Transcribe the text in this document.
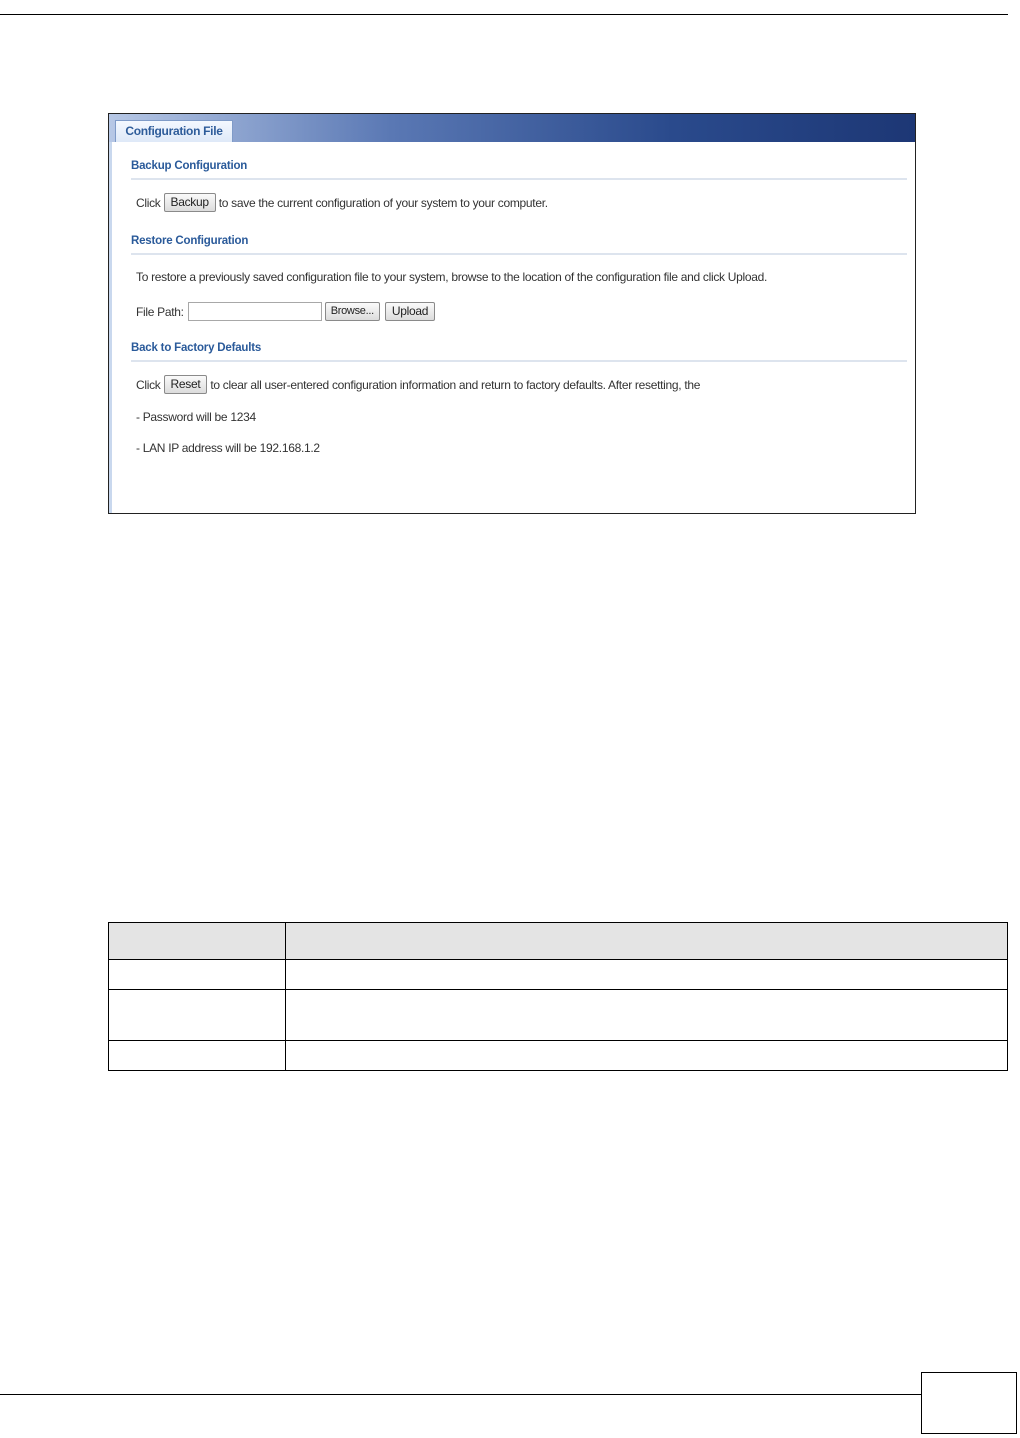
Configuration File
Backup Configuration
Click Backup to save the current configuration of your system to your computer.
Restore Configuration
To restore a previously saved configuration file to your system, browse to the location of the configuration file and click Upload.
File Path:	Browse...	Upload
Back to Factory Defaults
Click Reset to clear all user-entered configuration information and return to factory defaults. After resetting, the
- Password will be 1234
- LAN IP address will be 192.168.1.2
